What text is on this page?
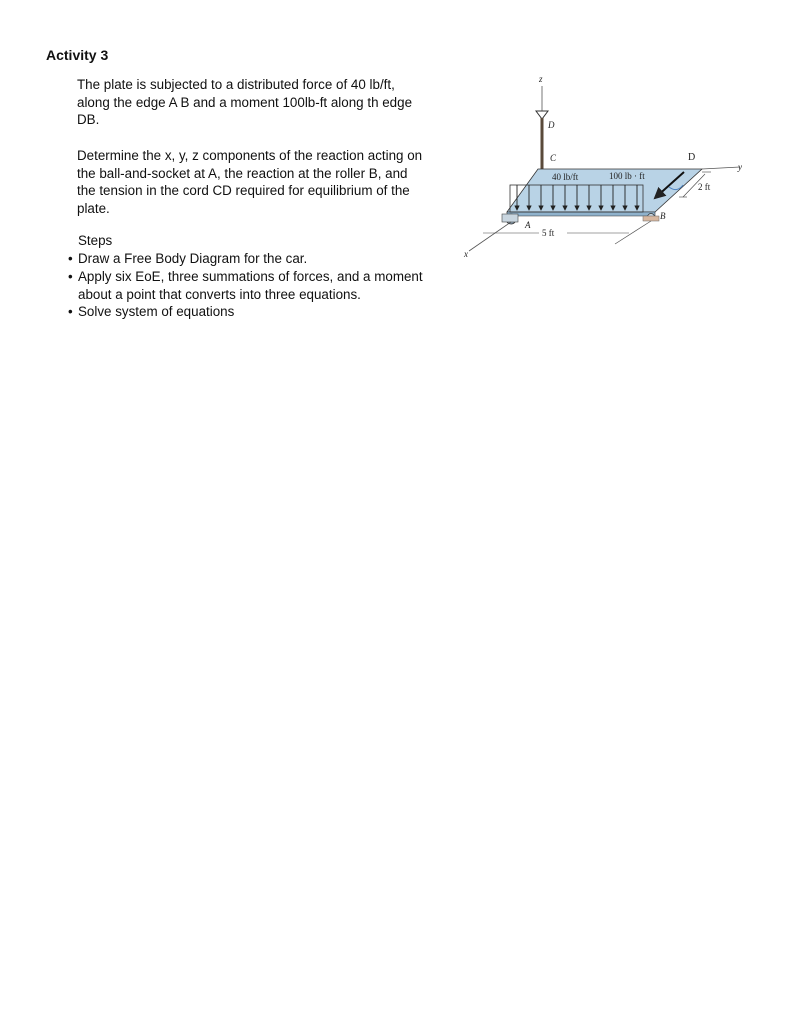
Activity 3
The plate is subjected to a distributed force of 40 lb/ft,
along the edge A B and a moment 100lb-ft along th edge
DB.
Determine the x, y, z components of the reaction acting on
the ball-and-socket at A, the reaction at the roller B, and
the tension in the cord CD required for equilibrium of the
plate.
Steps
• Draw a Free Body Diagram for the car.
• Apply six EoE, three summations of forces, and a moment
about a point that converts into three equations.
• Solve system of equations
z
D
C
y
D
2 ft
40 lb/ft	100 lb · ft
A
B
x
5 ft
